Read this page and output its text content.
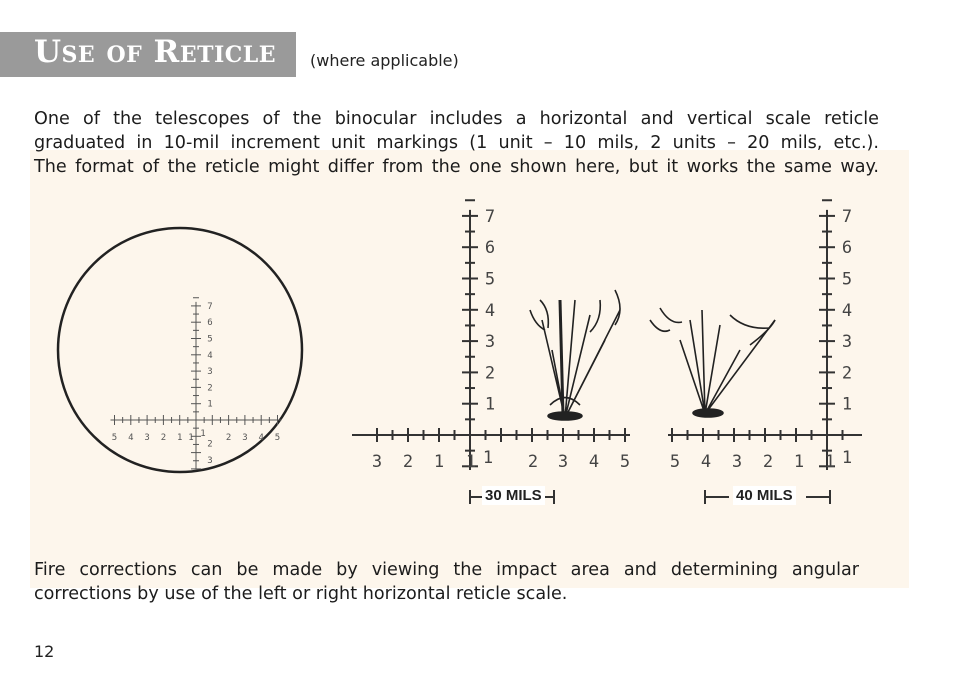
Use of Reticle (where applicable)
5 4 3 2 1 1 1 2 3 4 5
1
2
3
4
5
6
7
2
3	3 2 1 1 1 2 3 4 5
1
2
3
4
5
6
7
5 4 3 2 1 1 1
1
2
3
4
5
6
7
30 MILS	40 MILS
One of the telescopes of the binocular includes a horizontal and vertical scale reticle
graduated in 10-mil increment unit markings (1 unit – 10 mils, 2 units – 20 mils, etc.).
The format of the reticle might differ from the one shown here, but it works the same way.
Fire corrections can be made by viewing the impact area and determining angular
corrections by use of the left or right horizontal reticle scale.
12
